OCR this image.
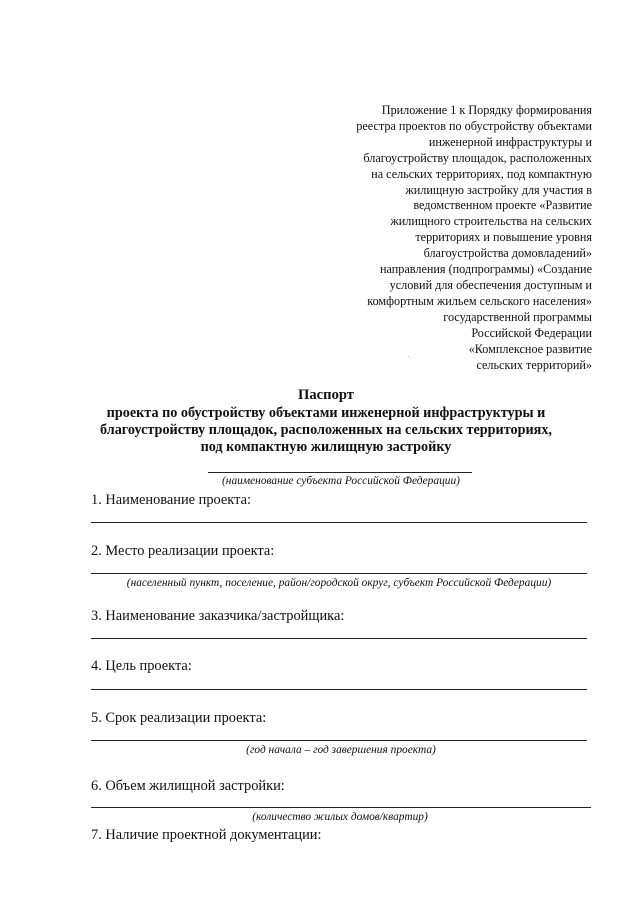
Приложение 1 к Порядку формирования
реестра проектов по обустройству объектами
инженерной инфраструктуры и
благоустройству площадок, расположенных
на сельских территориях, под компактную
жилищную застройку для участия в
ведомственном проекте «Развитие
жилищного строительства на сельских
территориях и повышение уровня
благоустройства домовладений»
направления (подпрограммы) «Создание
условий для обеспечения доступным и
комфортным жильем сельского населения»
государственной программы
Российской Федерации
«Комплексное развитие
сельских территорий»
Паспорт
проекта по обустройству объектами инженерной инфраструктуры и
благоустройству площадок, расположенных на сельских территориях,
под компактную жилищную застройку
(наименование субъекта Российской Федерации)
1. Наименование проекта:
2. Место реализации проекта:
(населенный пункт, поселение, район/городской округ, субъект Российской Федерации)
3. Наименование заказчика/застройщика:
4. Цель проекта:
5. Срок реализации проекта:
(год начала – год завершения проекта)
6. Объем жилищной застройки:
(количество жилых домов/квартир)
7. Наличие проектной документации:
